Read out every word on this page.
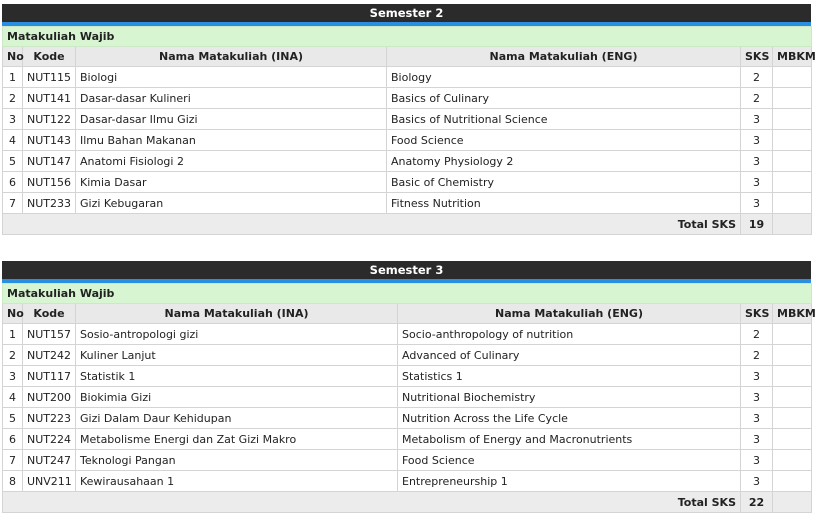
Semester 2
Matakuliah Wajib					
No	Kode	Nama Matakuliah (INA)	Nama Matakuliah (ENG)	SKS	MBKM
1	NUT115	Biologi	Biology	2	
2	NUT141	Dasar-dasar Kulineri	Basics of Culinary	2	
3	NUT122	Dasar-dasar Ilmu Gizi	Basics of Nutritional Science	3	
4	NUT143	Ilmu Bahan Makanan	Food Science	3	
5	NUT147	Anatomi Fisiologi 2	Anatomy Physiology 2	3	
6	NUT156	Kimia Dasar	Basic of Chemistry	3	
7	NUT233	Gizi Kebugaran	Fitness Nutrition	3	
Total SKS				19	
Semester 3
Matakuliah Wajib					
No	Kode	Nama Matakuliah (INA)	Nama Matakuliah (ENG)	SKS	MBKM
1	NUT157	Sosio-antropologi gizi	Socio-anthropology of nutrition	2	
2	NUT242	Kuliner Lanjut	Advanced of Culinary	2	
3	NUT117	Statistik 1	Statistics 1	3	
4	NUT200	Biokimia Gizi	Nutritional Biochemistry	3	
5	NUT223	Gizi Dalam Daur Kehidupan	Nutrition Across the Life Cycle	3	
6	NUT224	Metabolisme Energi dan Zat Gizi Makro	Metabolism of Energy and Macronutrients	3	
7	NUT247	Teknologi Pangan	Food Science	3	
8	UNV211	Kewirausahaan 1	Entrepreneurship 1	3	
Total SKS				22	
